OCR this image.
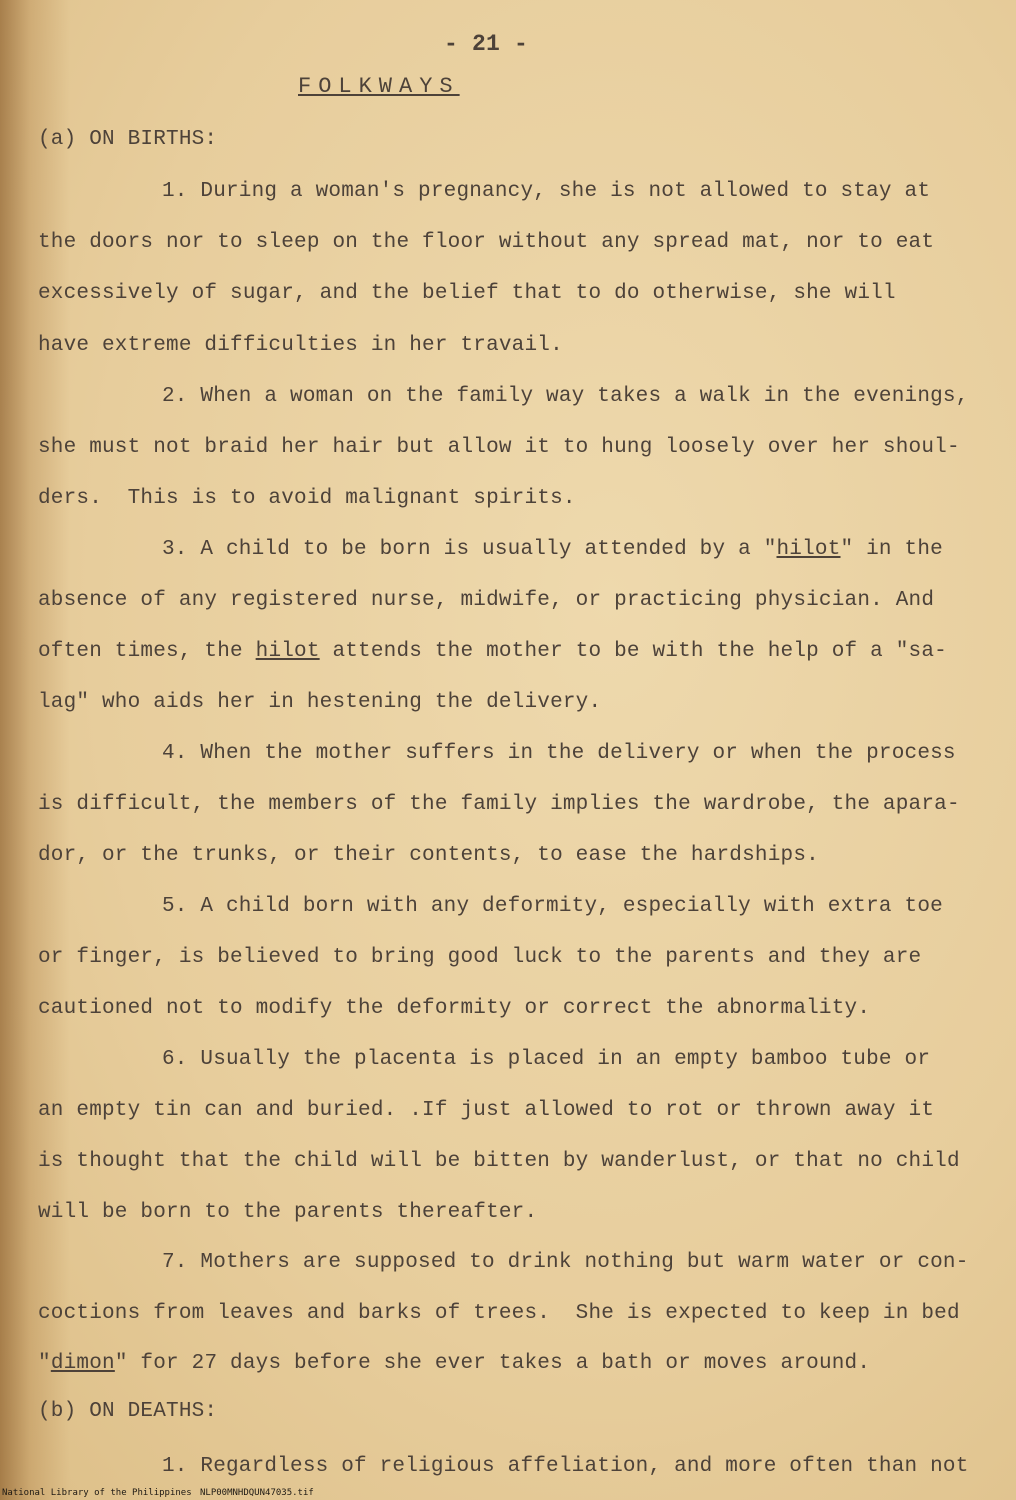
- 21 -
FOLKWAYS
(a) ON BIRTHS:
1. During a woman's pregnancy, she is not allowed to stay at
the doors nor to sleep on the floor without any spread mat, nor to eat
excessively of sugar, and the belief that to do otherwise, she will
have extreme difficulties in her travail.
2. When a woman on the family way takes a walk in the evenings,
she must not braid her hair but allow it to hung loosely over her shoul-
ders.  This is to avoid malignant spirits.
3. A child to be born is usually attended by a "hilot" in the
absence of any registered nurse, midwife, or practicing physician. And
often times, the hilot attends the mother to be with the help of a "sa-
lag" who aids her in hestening the delivery.
4. When the mother suffers in the delivery or when the process
is difficult, the members of the family implies the wardrobe, the apara-
dor, or the trunks, or their contents, to ease the hardships.
5. A child born with any deformity, especially with extra toe
or finger, is believed to bring good luck to the parents and they are
cautioned not to modify the deformity or correct the abnormality.
6. Usually the placenta is placed in an empty bamboo tube or
an empty tin can and buried. .If just allowed to rot or thrown away it
is thought that the child will be bitten by wanderlust, or that no child
will be born to the parents thereafter.
7. Mothers are supposed to drink nothing but warm water or con-
coctions from leaves and barks of trees.  She is expected to keep in bed
"dimon" for 27 days before she ever takes a bath or moves around.
(b) ON DEATHS:
1. Regardless of religious affeliation, and more often than not
National Library of the Philippines NLP00MNHDQUN47035.tif
